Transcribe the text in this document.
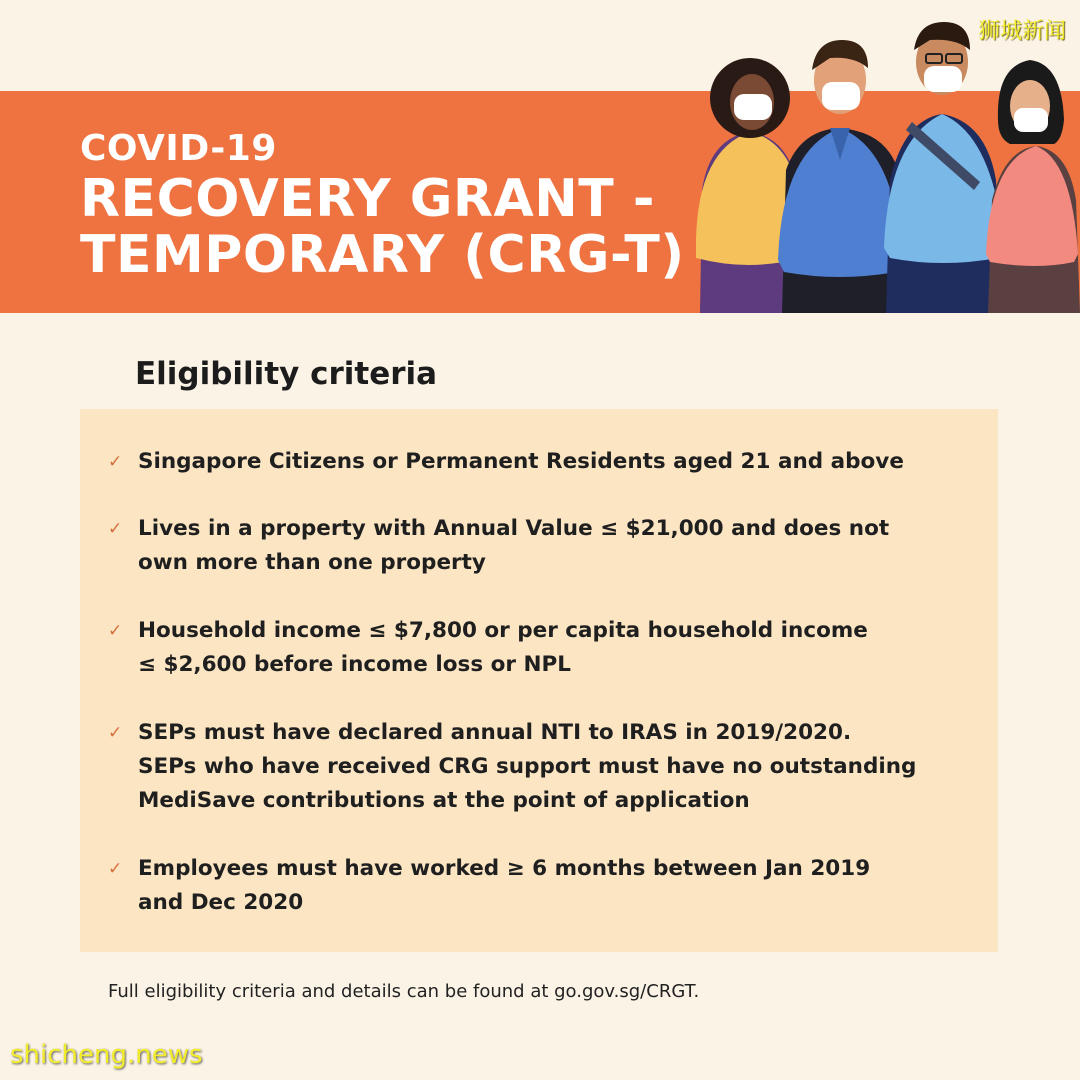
COVID-19
RECOVERY GRANT -
TEMPORARY (CRG-T)
狮城新闻
Eligibility criteria
✓ Singapore Citizens or Permanent Residents aged 21 and above
✓ Lives in a property with Annual Value ≤ $21,000 and does not
own more than one property
✓ Household income ≤ $7,800 or per capita household income
≤ $2,600 before income loss or NPL
✓ SEPs must have declared annual NTI to IRAS in 2019/2020.
SEPs who have received CRG support must have no outstanding
MediSave contributions at the point of application
✓ Employees must have worked ≥ 6 months between Jan 2019
and Dec 2020
Full eligibility criteria and details can be found at go.gov.sg/CRGT.
shicheng.news
